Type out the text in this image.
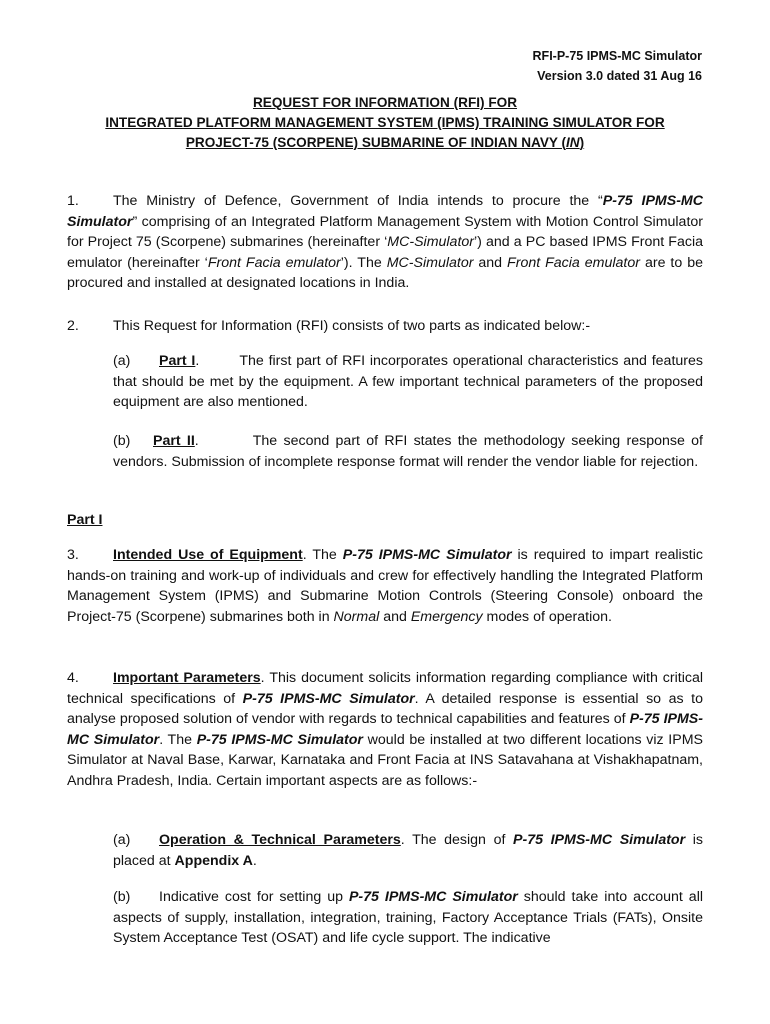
RFI-P-75 IPMS-MC Simulator
Version 3.0 dated 31 Aug 16
REQUEST FOR INFORMATION (RFI) FOR
INTEGRATED PLATFORM MANAGEMENT SYSTEM (IPMS) TRAINING SIMULATOR FOR
PROJECT-75 (SCORPENE) SUBMARINE OF INDIAN NAVY (IN)
1. The Ministry of Defence, Government of India intends to procure the “P-75 IPMS-MC Simulator” comprising of an Integrated Platform Management System with Motion Control Simulator for Project 75 (Scorpene) submarines (hereinafter ‘MC-Simulator’) and a PC based IPMS Front Facia emulator (hereinafter ‘Front Facia emulator’). The MC-Simulator and Front Facia emulator are to be procured and installed at designated locations in India.
2. This Request for Information (RFI) consists of two parts as indicated below:-
(a) Part I.	The first part of RFI incorporates operational characteristics and features that should be met by the equipment. A few important technical parameters of the proposed equipment are also mentioned.
(b) Part II.	The second part of RFI states the methodology seeking response of vendors. Submission of incomplete response format will render the vendor liable for rejection.
Part I
3. Intended Use of Equipment. The P-75 IPMS-MC Simulator is required to impart realistic hands-on training and work-up of individuals and crew for effectively handling the Integrated Platform Management System (IPMS) and Submarine Motion Controls (Steering Console) onboard the Project-75 (Scorpene) submarines both in Normal and Emergency modes of operation.
4. Important Parameters. This document solicits information regarding compliance with critical technical specifications of P-75 IPMS-MC Simulator. A detailed response is essential so as to analyse proposed solution of vendor with regards to technical capabilities and features of P-75 IPMS-MC Simulator. The P-75 IPMS-MC Simulator would be installed at two different locations viz IPMS Simulator at Naval Base, Karwar, Karnataka and Front Facia at INS Satavahana at Vishakhapatnam, Andhra Pradesh, India. Certain important aspects are as follows:-
(a) Operation & Technical Parameters. The design of P-75 IPMS-MC Simulator is placed at Appendix A.
(b) Indicative cost for setting up P-75 IPMS-MC Simulator should take into account all aspects of supply, installation, integration, training, Factory Acceptance Trials (FATs), Onsite System Acceptance Test (OSAT) and life cycle support. The indicative
